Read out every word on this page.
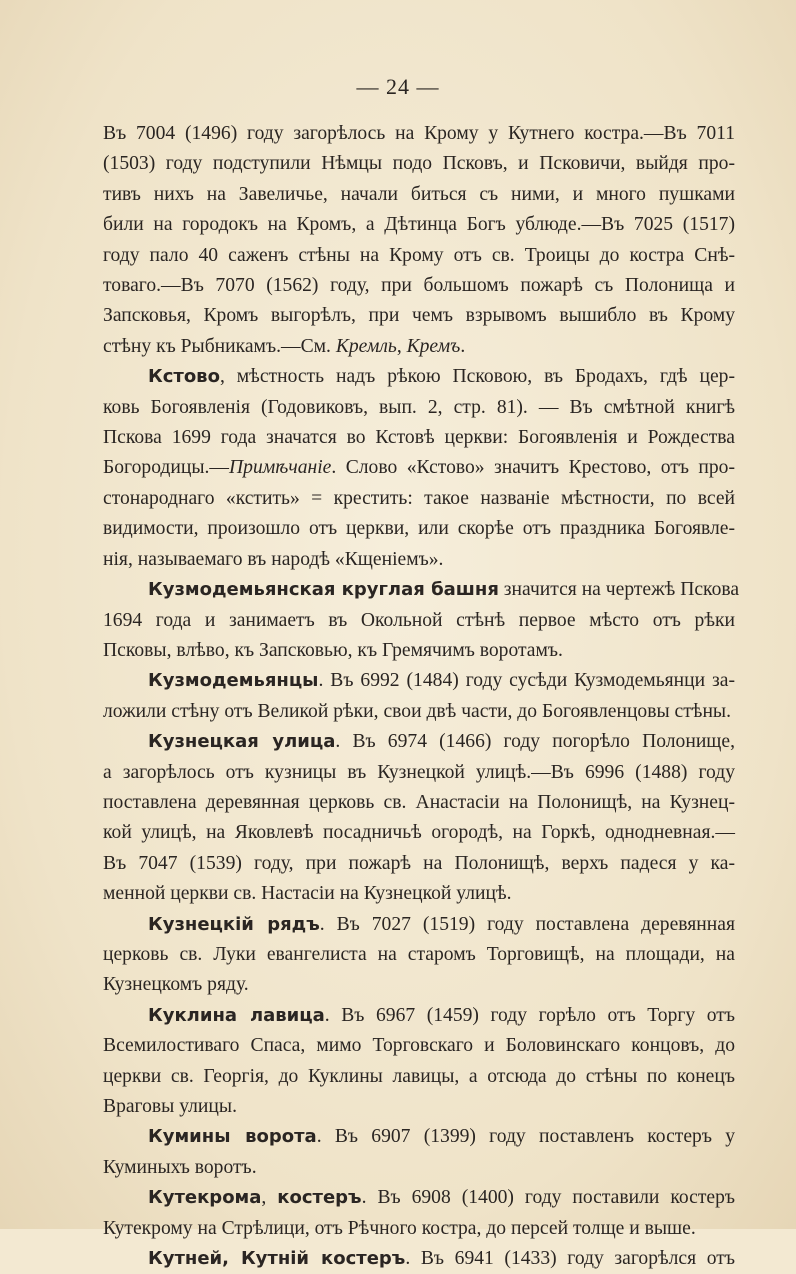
— 24 —
Въ 7004 (1496) году загорѣлось на Крому у Кутнего костра.—Въ 7011
(1503) году подступили Нѣмцы подо Псковъ, и Псковичи, выйдя про-
тивъ нихъ на Завеличье, начали биться съ ними, и много пушками
били на городокъ на Кромъ, а Дѣтинца Богъ ублюде.—Въ 7025 (1517)
году пало 40 саженъ стѣны на Крому отъ св. Троицы до костра Снѣ-
товаго.—Въ 7070 (1562) году, при большомъ пожарѣ съ Полонища и
Запсковья, Кромъ выгорѣлъ, при чемъ взрывомъ вышибло въ Крому
стѣну къ Рыбникамъ.—См. Кремль, Кремъ.
Кстово, мѣстность надъ рѣкою Псковою, въ Бродахъ, гдѣ цер-
ковь Богоявленія (Годовиковъ, вып. 2, стр. 81). — Въ смѣтной книгѣ
Пскова 1699 года значатся во Кстовѣ церкви: Богоявленія и Рождества
Богородицы.—Примѣчаніе. Слово «Кстово» значитъ Крестово, отъ про-
стонароднаго «кстить» = крестить: такое названіе мѣстности, по всей
видимости, произошло отъ церкви, или скорѣе отъ праздника Богоявле-
нія, называемаго въ народѣ «Кщеніемъ».
Кузмодемьянская круглая башня значится на чертежѣ Пскова
1694 года и занимаетъ въ Окольной стѣнѣ первое мѣсто отъ рѣки
Псковы, влѣво, къ Запсковью, къ Гремячимъ воротамъ.
Кузмодемьянцы. Въ 6992 (1484) году сусѣди Кузмодемьянци за-
ложили стѣну отъ Великой рѣки, свои двѣ части, до Богоявленцовы стѣны.
Кузнецкая улица. Въ 6974 (1466) году погорѣло Полонище,
а загорѣлось отъ кузницы въ Кузнецкой улицѣ.—Въ 6996 (1488) году
поставлена деревянная церковь св. Анастасіи на Полонищѣ, на Кузнец-
кой улицѣ, на Яковлевѣ посадничьѣ огородѣ, на Горкѣ, однодневная.—
Въ 7047 (1539) году, при пожарѣ на Полонищѣ, верхъ падеся у ка-
менной церкви св. Настасіи на Кузнецкой улицѣ.
Кузнецкій рядъ. Въ 7027 (1519) году поставлена деревянная
церковь св. Луки евангелиста на старомъ Торговищѣ, на площади, на
Кузнецкомъ ряду.
Куклина лавица. Въ 6967 (1459) году горѣло отъ Торгу отъ
Всемилостиваго Спаса, мимо Торговскаго и Боловинскаго концовъ, до
церкви св. Георгія, до Куклины лавицы, а отсюда до стѣны по конецъ
Враговы улицы.
Кумины ворота. Въ 6907 (1399) году поставленъ костеръ у
Куминыхъ воротъ.
Кутекрома, костеръ. Въ 6908 (1400) году поставили костеръ
Кутекрому на Стрѣлици, отъ Рѣчного костра, до персей толще и выше.
Кутней, Кутній костеръ. Въ 6941 (1433) году загорѣлся отъ
